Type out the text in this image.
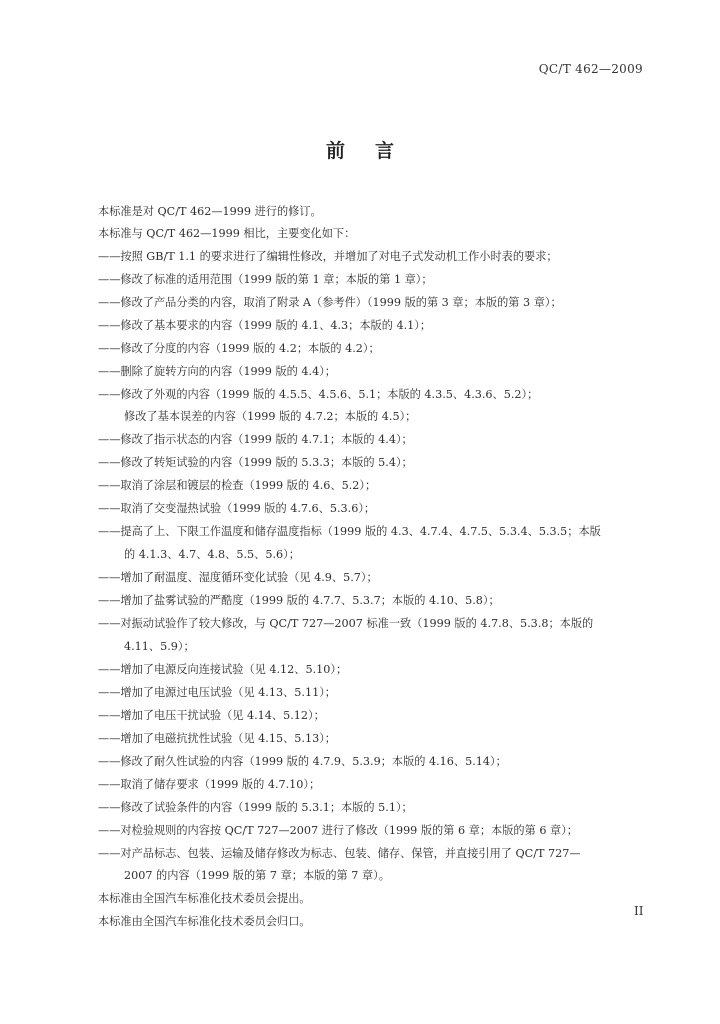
QC/T 462—2009
前言
本标准是对 QC/T 462—1999 进行的修订。
本标准与 QC/T 462—1999 相比，主要变化如下：
——按照 GB/T 1.1 的要求进行了编辑性修改，并增加了对电子式发动机工作小时表的要求；
——修改了标准的适用范围（1999 版的第 1 章；本版的第 1 章）；
——修改了产品分类的内容，取消了附录 A（参考件）（1999 版的第 3 章；本版的第 3 章）；
——修改了基本要求的内容（1999 版的 4.1、4.3；本版的 4.1）；
——修改了分度的内容（1999 版的 4.2；本版的 4.2）；
——删除了旋转方向的内容（1999 版的 4.4）；
——修改了外观的内容（1999 版的 4.5.5、4.5.6、5.1；本版的 4.3.5、4.3.6、5.2）；
修改了基本误差的内容（1999 版的 4.7.2；本版的 4.5）；
——修改了指示状态的内容（1999 版的 4.7.1；本版的 4.4）；
——修改了转矩试验的内容（1999 版的 5.3.3；本版的 5.4）；
——取消了涂层和镀层的检查（1999 版的 4.6、5.2）；
——取消了交变湿热试验（1999 版的 4.7.6、5.3.6）；
——提高了上、下限工作温度和储存温度指标（1999 版的 4.3、4.7.4、4.7.5、5.3.4、5.3.5；本版
的 4.1.3、4.7、4.8、5.5、5.6）；
——增加了耐温度、湿度循环变化试验（见 4.9、5.7）；
——增加了盐雾试验的严酷度（1999 版的 4.7.7、5.3.7；本版的 4.10、5.8）；
——对振动试验作了较大修改，与 QC/T 727—2007 标准一致（1999 版的 4.7.8、5.3.8；本版的
4.11、5.9）；
——增加了电源反向连接试验（见 4.12、5.10）；
——增加了电源过电压试验（见 4.13、5.11）；
——增加了电压干扰试验（见 4.14、5.12）；
——增加了电磁抗扰性试验（见 4.15、5.13）；
——修改了耐久性试验的内容（1999 版的 4.7.9、5.3.9；本版的 4.16、5.14）；
——取消了储存要求（1999 版的 4.7.10）；
——修改了试验条件的内容（1999 版的 5.3.1；本版的 5.1）；
——对检验规则的内容按 QC/T 727—2007 进行了修改（1999 版的第 6 章；本版的第 6 章）；
——对产品标志、包装、运输及储存修改为标志、包装、储存、保管，并直接引用了 QC/T 727—
2007 的内容（1999 版的第 7 章；本版的第 7 章）。
本标准由全国汽车标准化技术委员会提出。
本标准由全国汽车标准化技术委员会归口。
II
